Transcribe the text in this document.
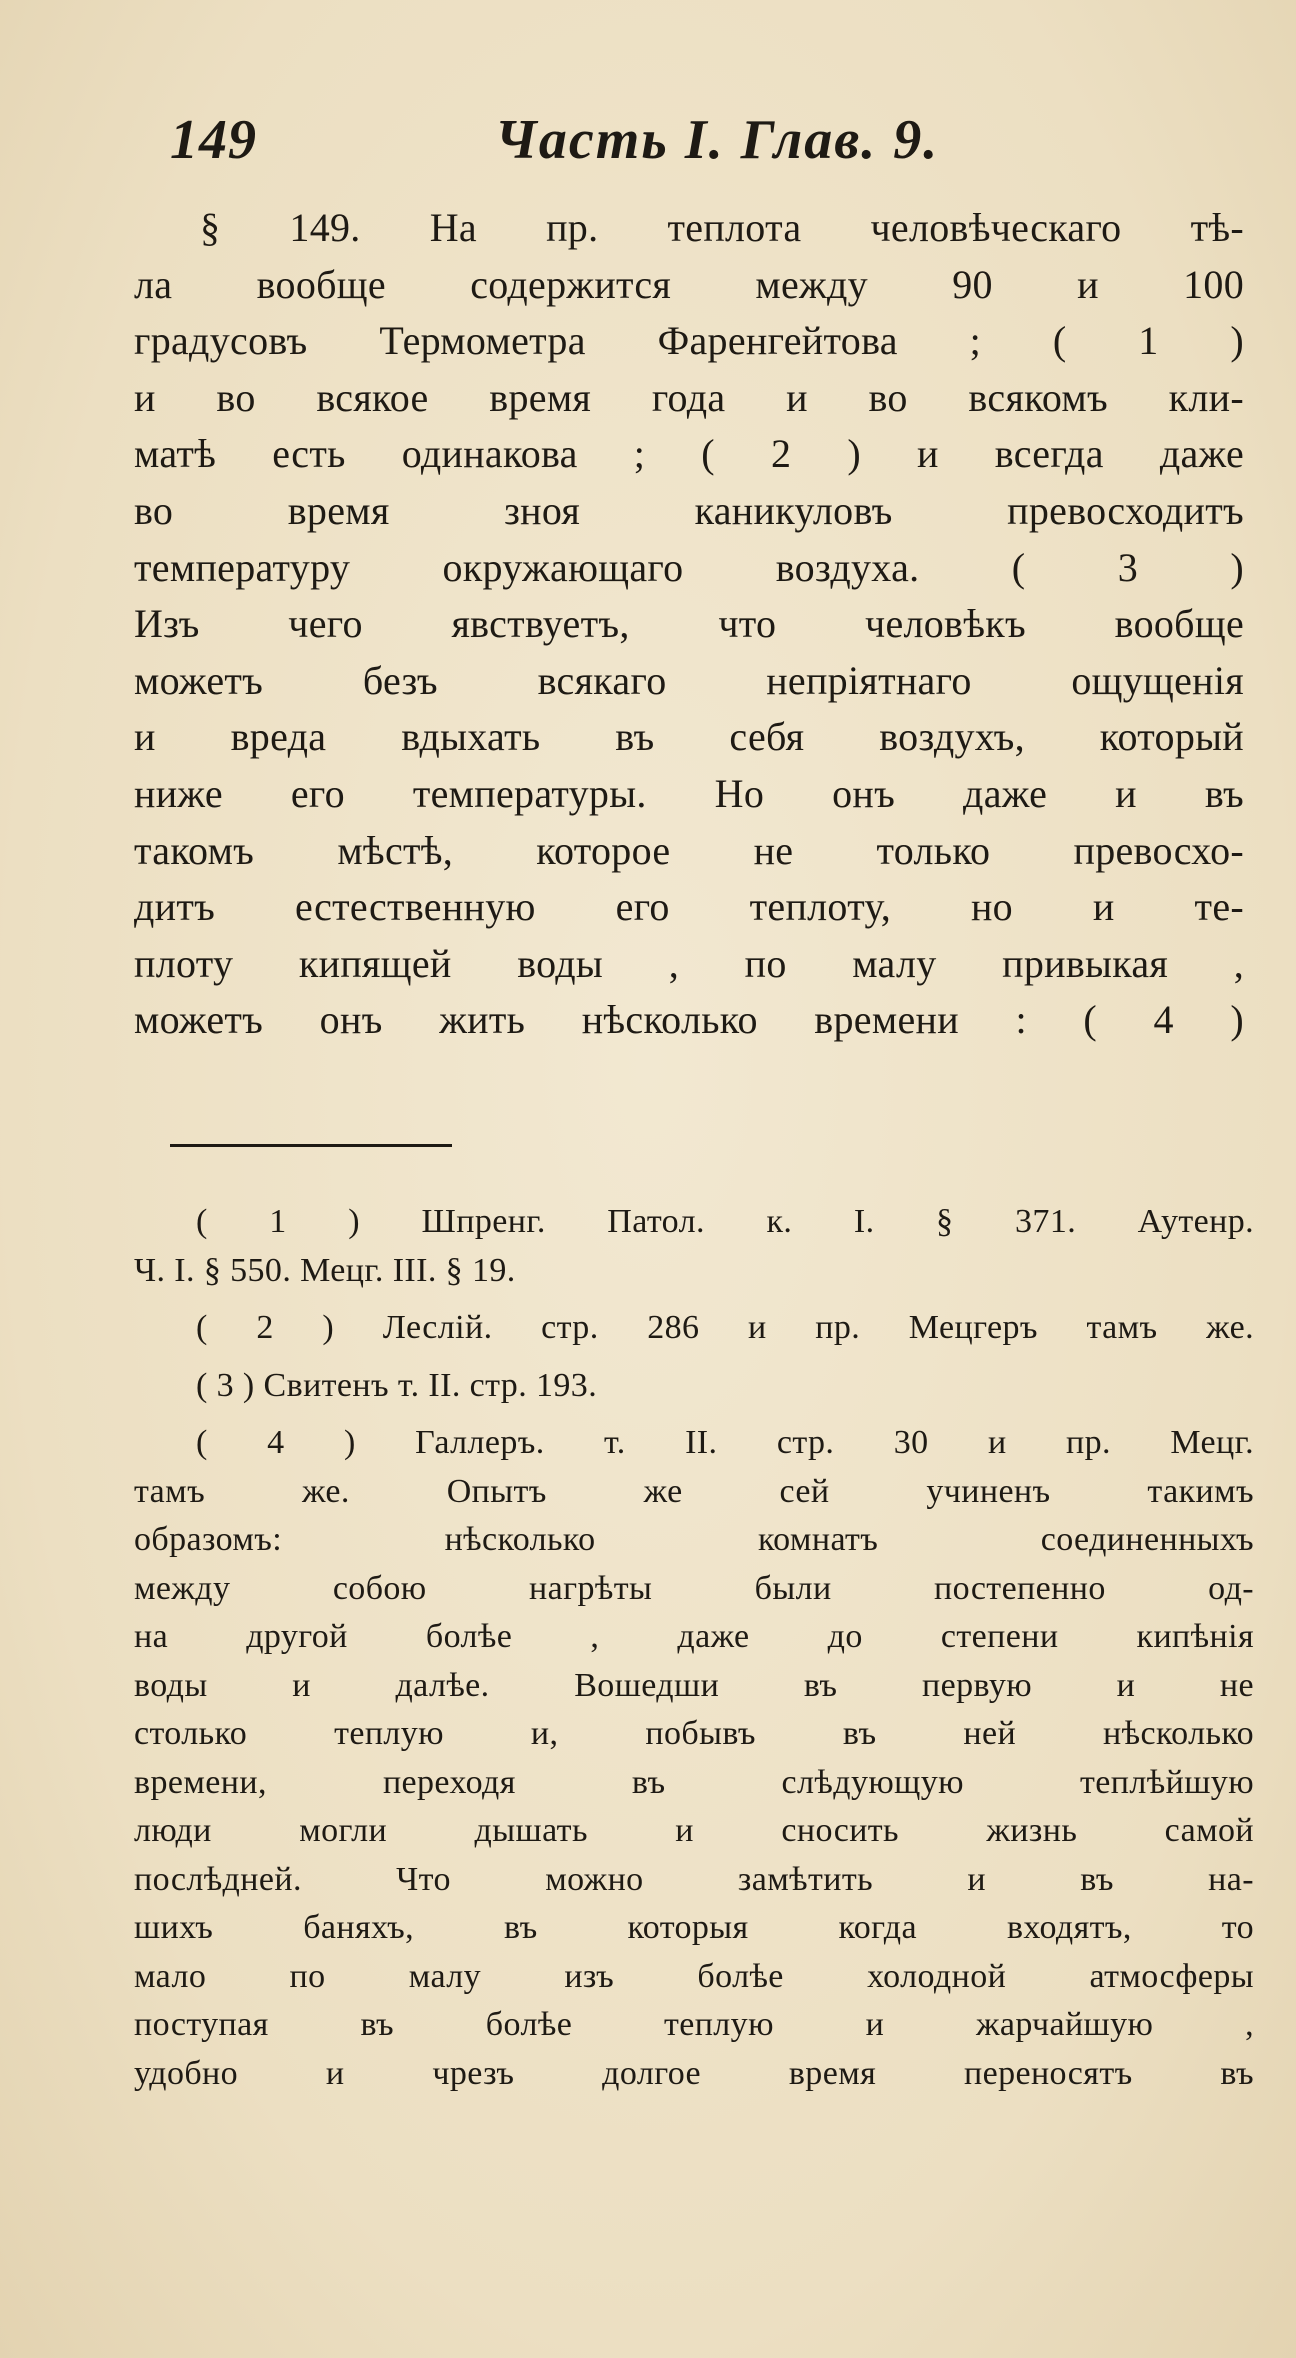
149	Часть I. Глав. 9.
§ 149. На пр. теплота человѣческаго тѣ-
ла вообще содержится между 90 и 100
градусовъ Термометра Фаренгейтова ; ( 1 )
и во всякое время года и во всякомъ кли-
матѣ есть одинакова ; ( 2 ) и всегда даже
во время зноя каникуловъ превосходитъ
температуру окружающаго воздуха. ( 3 )
Изъ чего явствуетъ, что человѣкъ вообще
можетъ безъ всякаго непріятнаго ощущенія
и вреда вдыхать въ себя воздухъ, который
ниже его температуры. Но онъ даже и въ
такомъ мѣстѣ, которое не только превосхо-
дитъ естественную его теплоту, но и те-
плоту кипящей воды , по малу привыкая ,
можетъ онъ жить нѣсколько времени : ( 4 )
( 1 ) Шпренг. Патол. к. I. § 371. Аутенр.
Ч. I. § 550. Мецг. III. § 19.
( 2 ) Леслій. стр. 286 и пр. Мецгеръ тамъ же.
( 3 ) Свитенъ т. II. стр. 193.
( 4 ) Галлеръ. т. II. стр. 30 и пр. Мецг.
тамъ же. Опытъ же сей учиненъ такимъ
образомъ: нѣсколько комнатъ соединенныхъ
между собою нагрѣты были постепенно од-
на другой болѣе , даже до степени кипѣнія
воды и далѣе. Вошедши въ первую и не
столько теплую и, побывъ въ ней нѣсколько
времени, переходя въ слѣдующую теплѣйшую
люди могли дышать и сносить жизнь самой
послѣдней. Что можно замѣтить и въ на-
шихъ баняхъ, въ которыя когда входятъ, то
мало по малу изъ болѣе холодной атмосферы
поступая въ болѣе теплую и жарчайшую ,
удобно и чрезъ долгое время переносятъ въ
